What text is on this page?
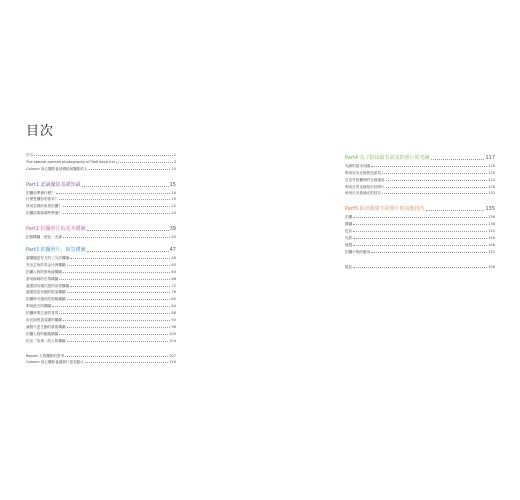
目次
序言	2
The special portrait photography of Tadi have fun	3
Column 用心攝影會回饋給被攝影的人	14
Part1 認識攝影基礎知識	15
拍攝前準備什麼？	16
什麼是攝影的基本？	20
該用怎樣的角度拍攝？	22
拍攝前要做哪些準備？	24
Part2 拍攝照片的基本構圖	39
拍照構圖・配色・光線	40
Part3 拍攝照片，取景構圖	47
讓構圖更有力的三分法構圖	48
突出主角的黃金比例構圖	60
拍攝人物的對角線構圖	64
善用線條的引導構圖	68
讓畫面有層次感的前景構圖	72
讓畫面更有趣的框架構圖	76
拍攝時可運用的對稱構圖	80
利用留白的構圖	84
拍攝時要注意的背景	88
用光線營造氛圍的構圖	92
讓照片更生動的重複構圖	96
拍攝人物的動態構圖	100
拍出「故事」的人物構圖	104
Report 人物攝影的思考	107
Column 用心攝影會讓照片更加動人	116
Part4 為了拍出最有氣氛的照片的光線	117
光線的基本知識	118
利用室內光線營造氣氛	120
在室外拍攝時的光線運用	124
利用自然光線拍出好照片	128
使用反光板補光的技巧	132
Part5 拍出與眾不同照片的其他技巧	135
拍攝	136
構圖	138
色彩	142
光影	146
後製	148
拍攝小物的應用	152
後記	158
